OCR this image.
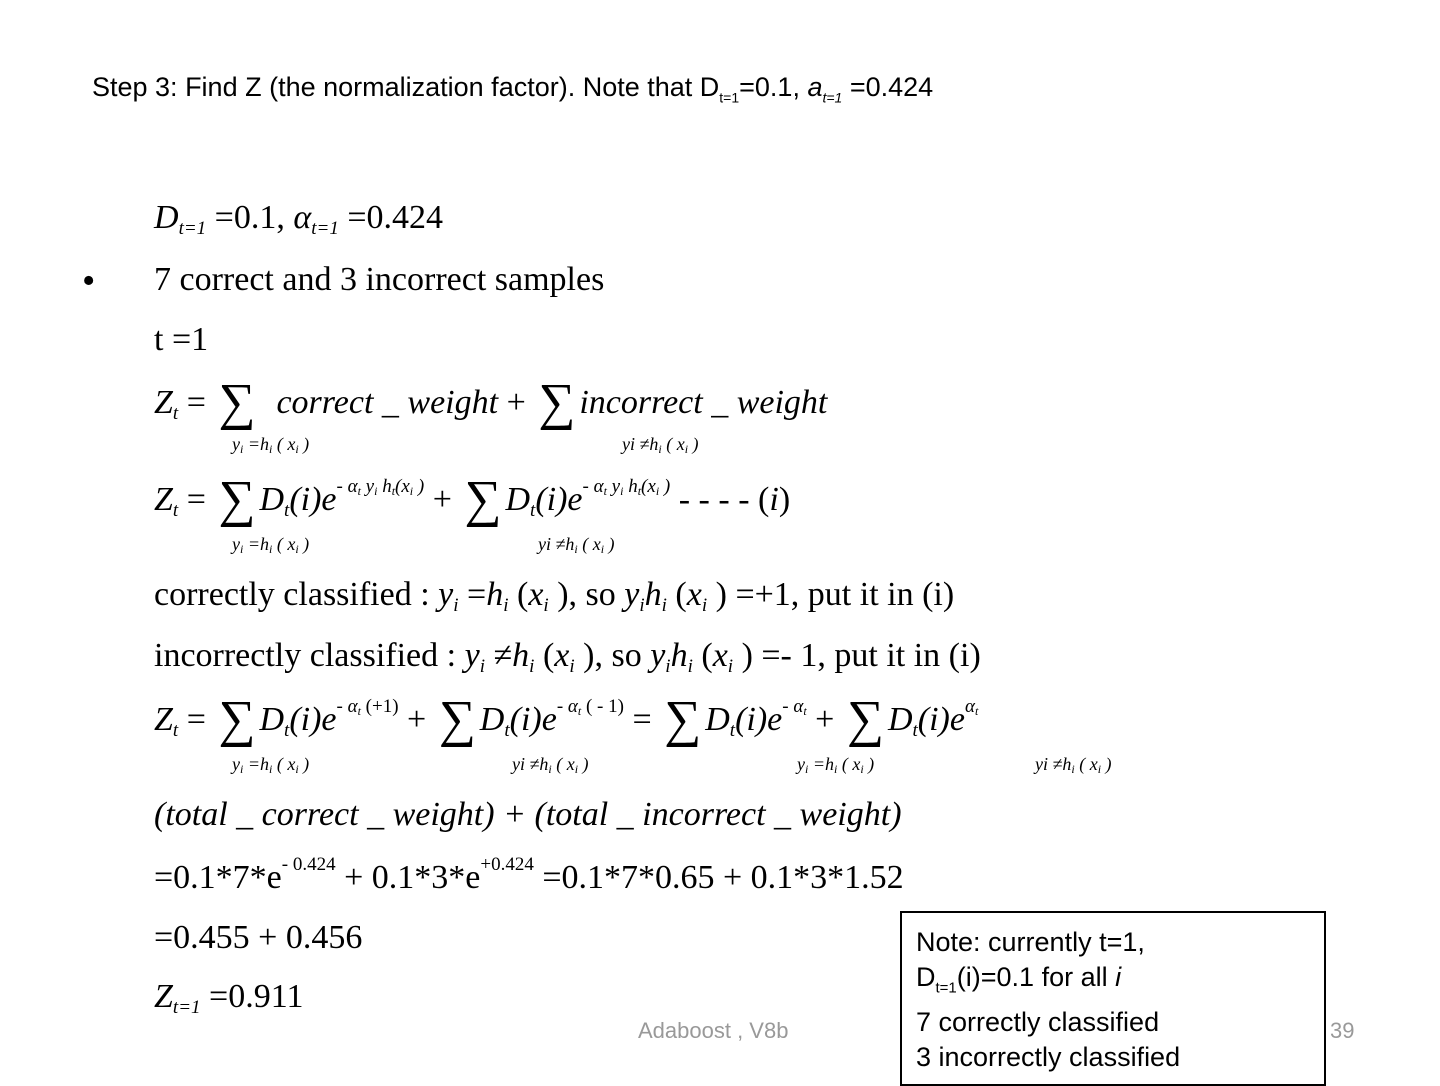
Step 3: Find Z (the normalization factor). Note that $D_{t=1}=0.1$, $a_{t=1} =0.424$
•
$D_{t=1} =0.1$, $\alpha_{t=1} =0.424$
7 correct and 3 incorrect samples
t =1
$Z_t$ = ∑ correct _ weight + ∑ incorrect _ weight
$y_i =h_i$ ( $x_i$ )	yi $\ne h_i$ ( $x_i$ )
$Z_t$ = ∑ $D_t(i)e^{- \alpha_t y_i h_t(x_i )}$ + ∑ $D_t(i)e^{- \alpha_t y_i h_t(x_i )}$ - - - - (i)
$y_i =h_i$ ( $x_i$ )	yi $\ne h_i$ ( $x_i$ )
correctly classified : $y_i =h_i$ ($x_i$ ), so $y_ih_i$ ($x_i$ ) =+1, put it in (i)
incorrectly classified : $y_i \ne h_i$ ($x_i$ ), so $y_ih_i$ ($x_i$ ) =- 1, put it in (i)
$Z_t$ = ∑ $D_t(i)e^{- \alpha_t (+1)}$ + ∑ $D_t(i)e^{- \alpha_t ( - 1)}$ = ∑ $D_t(i)e^{- \alpha_t}$ + ∑ $D_t(i)e^{\alpha_t}$
$y_i =h_i$ ( $x_i$ )	yi $\ne h_i$ ( $x_i$ )	$y_i =h_i$ ( $x_i$ )	yi $\ne h_i$ ( $x_i$ )
(total _ correct _ weight) + (total _ incorrect _ weight)
$=0.1*7*e^{- 0.424} + 0.1*3*e^{+0.424} =0.1*7*0.65 + 0.1*3*1.52$
=0.455 + 0.456
$Z_{t=1} =0.911$
Adaboost , V8b	39
Note: currently t=1,
$D_{t=1}(i)=0.1$ for all i
7 correctly classified
3 incorrectly classified
